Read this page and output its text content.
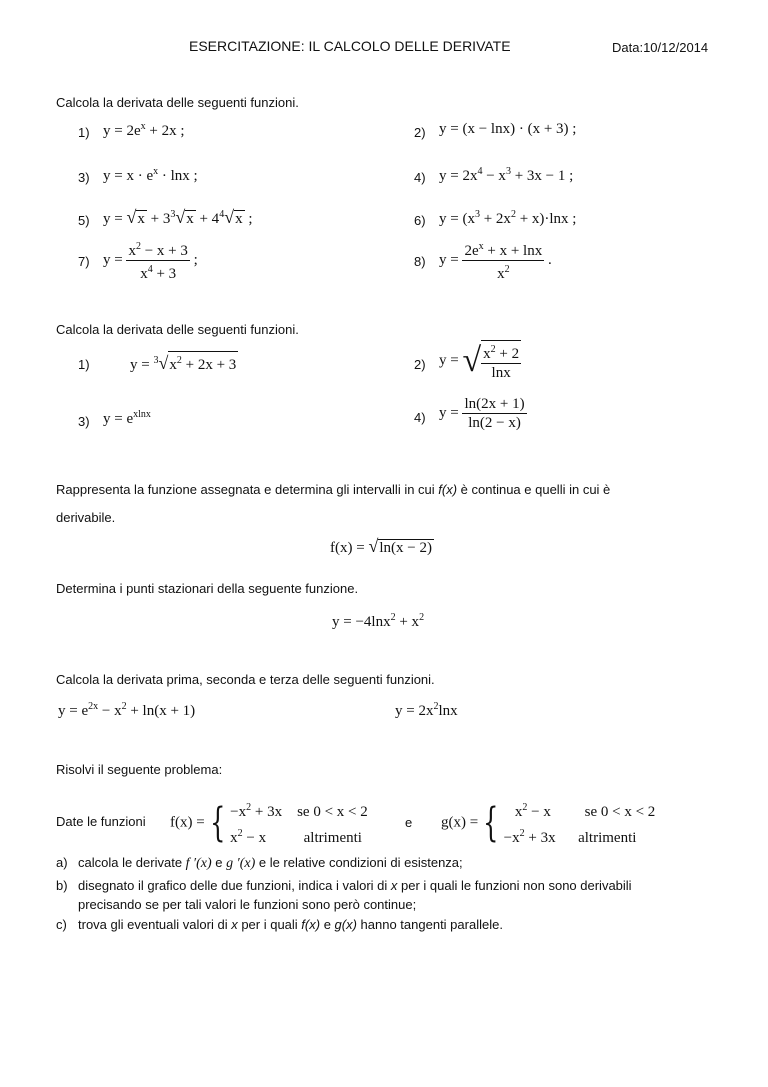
ESERCITAZIONE: IL CALCOLO DELLE DERIVATE	Data:10/12/2014
Calcola la derivata delle seguenti funzioni.
1) $y = 2e^x + 2x$ ;	2) y = (x − lnx) · (x + 3) ;
3) $y = x \cdot e^x \cdot \ln x$ ;	4) $y = 2x^4 - x^3 + 3x - 1$ ;
5) $y = √x + 3^3√x + 4^4√x$ ;	6) $y = (x^3 + 2x^2 + x)\cdot\ln x$ ;
7) $y = \frac{x^2 - x + 3}{x^4 + 3}$ ;	8) $y = \frac{2e^x + x + \ln x}{x^2}$ .
Calcola la derivata delle seguenti funzioni.
1)	$y = ^3√x^2 + 2x + 3$	2) y = √ $\frac{x^2 + 2}{\ln x}$
3) $y = e^{xlnx}$	4) $y = \frac{\ln(2x + 1)}{\ln(2 - x)}$
Rappresenta la funzione assegnata e determina gli intervalli in cui f(x) è continua e quelli in cui è
derivabile.
f(x) = √ln(x − 2)
Determina i punti stazionari della seguente funzione.
$y = -4\ln x^2 + x^2$
Calcola la derivata prima, seconda e terza delle seguenti funzioni.
$y = e^{2x} - x^2 + \ln(x + 1)$	$y = 2x^2\ln x$
Risolvi il seguente problema:
Date le funzioni f(x) = { $-x^2 + 3x$ se 0 < x < 2
$x^2 - x$	altrimenti
e g(x) = {	$x^2 - x$ se 0 < x < 2
$-x^2 + 3x$ altrimenti
a) calcola le derivate f ′(x) e g ′(x) e le relative condizioni di esistenza;
b) disegnato il grafico delle due funzioni, indica i valori di x per i quali le funzioni non sono derivabili
precisando se per tali valori le funzioni sono però continue;
c) trova gli eventuali valori di x per i quali f(x) e g(x) hanno tangenti parallele.
